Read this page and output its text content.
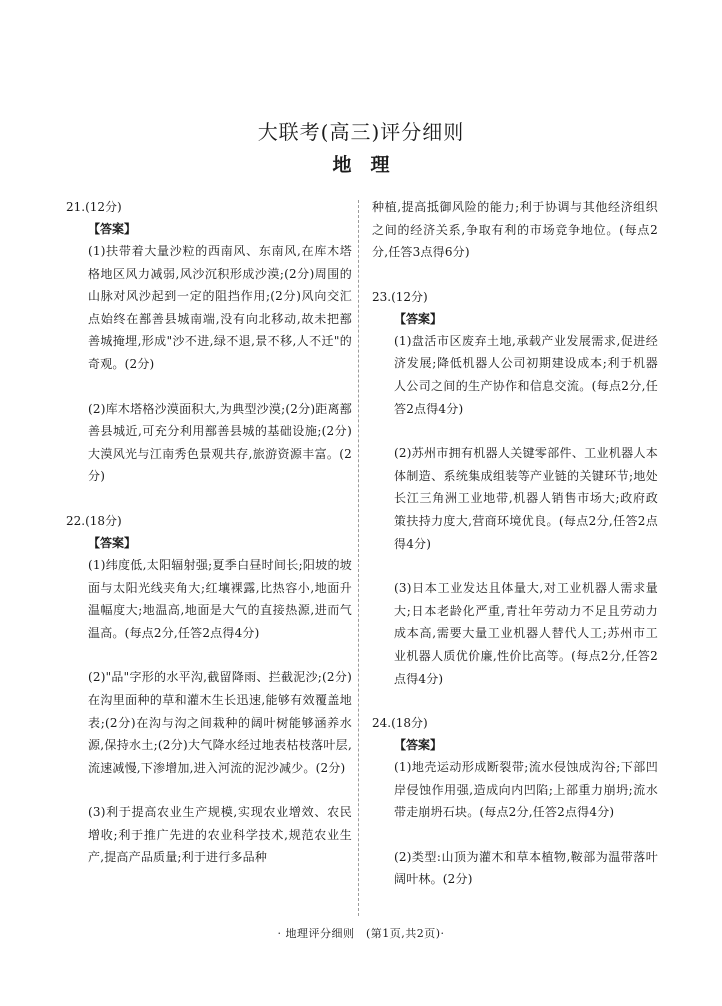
大联考(高三)评分细则
地　理
21.(12分)
【答案】

(1)扶带着大量沙粒的西南风、东南风,在库木塔格地区风力减弱,风沙沉积形成沙漠;(2分)周围的山脉对风沙起到一定的阻挡作用;(2分)风向交汇点始终在鄯善县城南端,没有向北移动,故未把鄯善城掩埋,形成"沙不进,绿不退,景不移,人不迁"的奇观。(2分)

(2)库木塔格沙漠面积大,为典型沙漠;(2分)距离鄯善县城近,可充分利用鄯善县城的基础设施;(2分)大漠风光与江南秀色景观共存,旅游资源丰富。(2分)

22.(18分)
【答案】

(1)纬度低,太阳辐射强;夏季白昼时间长;阳坡的坡面与太阳光线夹角大;红壤裸露,比热容小,地面升温幅度大;地温高,地面是大气的直接热源,进而气温高。(每点2分,任答2点得4分)

(2)"品"字形的水平沟,截留降雨、拦截泥沙;(2分)在沟里面种的草和灌木生长迅速,能够有效覆盖地表;(2分)在沟与沟之间栽种的阔叶树能够涵养水源,保持水土;(2分)大气降水经过地表枯枝落叶层,流速减慢,下渗增加,进入河流的泥沙减少。(2分)

(3)利于提高农业生产规模,实现农业增效、农民增收;利于推广先进的农业科学技术,规范农业生产,提高产品质量;利于进行多品种

种植,提高抵御风险的能力;利于协调与其他经济组织之间的经济关系,争取有利的市场竞争地位。(每点2分,任答3点得6分)

23.(12分)
【答案】

(1)盘活市区废弃土地,承载产业发展需求,促进经济发展;降低机器人公司初期建设成本;利于机器人公司之间的生产协作和信息交流。(每点2分,任答2点得4分)

(2)苏州市拥有机器人关键零部件、工业机器人本体制造、系统集成组装等产业链的关键环节;地处长江三角洲工业地带,机器人销售市场大;政府政策扶持力度大,营商环境优良。(每点2分,任答2点得4分)

(3)日本工业发达且体量大,对工业机器人需求量大;日本老龄化严重,青壮年劳动力不足且劳动力成本高,需要大量工业机器人替代人工;苏州市工业机器人质优价廉,性价比高等。(每点2分,任答2点得4分)

24.(18分)
【答案】

(1)地壳运动形成断裂带;流水侵蚀成沟谷;下部凹岸侵蚀作用强,造成向内凹陷;上部重力崩坍;流水带走崩坍石块。(每点2分,任答2点得4分)

(2)类型:山顶为灌木和草本植物,鞍部为温带落叶阔叶林。(2分)

· 地理评分细则　(第1页,共2页)·
